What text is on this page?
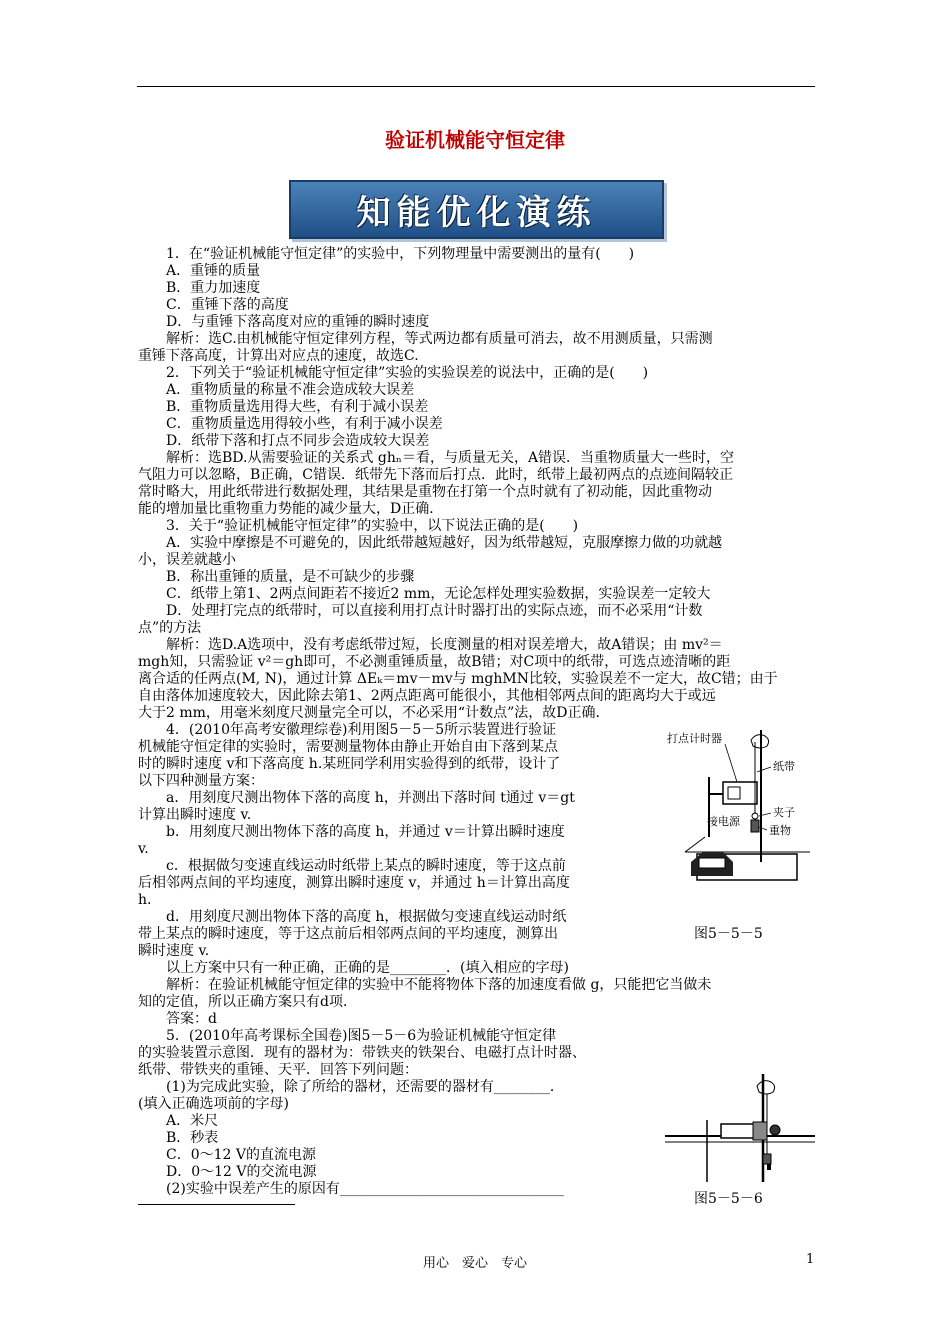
验证机械能守恒定律
知能优化演练

1．在“验证机械能守恒定律”的实验中，下列物理量中需要测出的量有(　　)

A．重锤的质量

B．重力加速度

C．重锤下落的高度

D．与重锤下落高度对应的重锤的瞬时速度

解析：选C.由机械能守恒定律列方程，等式两边都有质量可消去，故不用测质量，只需测

重锤下落高度，计算出对应点的速度，故选C.

2．下列关于“验证机械能守恒定律”实验的实验误差的说法中，正确的是(　　)

A．重物质量的称量不准会造成较大误差

B．重物质量选用得大些，有利于减小误差

C．重物质量选用得较小些，有利于减小误差

D．纸带下落和打点不同步会造成较大误差

解析：选BD.从需要验证的关系式 ghₙ＝看，与质量无关，A错误．当重物质量大一些时，空

气阻力可以忽略，B正确，C错误．纸带先下落而后打点．此时，纸带上最初两点的点迹间隔较正

常时略大，用此纸带进行数据处理，其结果是重物在打第一个点时就有了初动能，因此重物动

能的增加量比重物重力势能的减少量大，D正确．

3．关于“验证机械能守恒定律”的实验中，以下说法正确的是(　　)

A．实验中摩擦是不可避免的，因此纸带越短越好，因为纸带越短，克服摩擦力做的功就越

小，误差就越小

B．称出重锤的质量，是不可缺少的步骤

C．纸带上第1、2两点间距若不接近2 mm，无论怎样处理实验数据，实验误差一定较大

D．处理打完点的纸带时，可以直接利用打点计时器打出的实际点迹，而不必采用“计数

点”的方法

解析：选D.A选项中，没有考虑纸带过短，长度测量的相对误差增大，故A错误；由 mv²＝

mgh知，只需验证 v²＝gh即可，不必测重锤质量，故B错；对C项中的纸带，可选点迹清晰的距

离合适的任两点(M, N)，通过计算 ΔEₖ＝mv－mv与 mghMN比较，实验误差不一定大，故C错；由于

自由落体加速度较大，因此除去第1、2两点距离可能很小，其他相邻两点间的距离均大于或远

大于2 mm，用毫米刻度尺测量完全可以，不必采用“计数点”法，故D正确．

4．(2010年高考安徽理综卷)利用图5－5－5所示装置进行验证

机械能守恒定律的实验时，需要测量物体由静止开始自由下落到某点

时的瞬时速度 v和下落高度 h.某班同学利用实验得到的纸带，设计了

以下四种测量方案：

a．用刻度尺测出物体下落的高度 h，并测出下落时间 t通过 v＝gt

计算出瞬时速度 v.

b．用刻度尺测出物体下落的高度 h，并通过 v＝计算出瞬时速度

v.

c．根据做匀变速直线运动时纸带上某点的瞬时速度，等于这点前

后相邻两点间的平均速度，测算出瞬时速度 v，并通过 h＝计算出高度

h.

d．用刻度尺测出物体下落的高度 h，根据做匀变速直线运动时纸

带上某点的瞬时速度，等于这点前后相邻两点间的平均速度，测算出

瞬时速度 v.

以上方案中只有一种正确，正确的是________．(填入相应的字母)

解析：在验证机械能守恒定律的实验中不能将物体下落的加速度看做 g，只能把它当做未

知的定值，所以正确方案只有d项．

答案：d

5．(2010年高考课标全国卷)图5－5－6为验证机械能守恒定律

的实验装置示意图．现有的器材为：带铁夹的铁架台、电磁打点计时器、

纸带、带铁夹的重锤、天平．回答下列问题：

(1)为完成此实验，除了所给的器材，还需要的器材有________．

(填入正确选项前的字母)

A．米尺

B．秒表

C．0～12 V的直流电源

D．0～12 V的交流电源

(2)实验中误差产生的原因有________________________________

打点计时器
纸带
接电源
夹子
重物
图5－5－5
图5－5－6
用心　爱心　专心	1
